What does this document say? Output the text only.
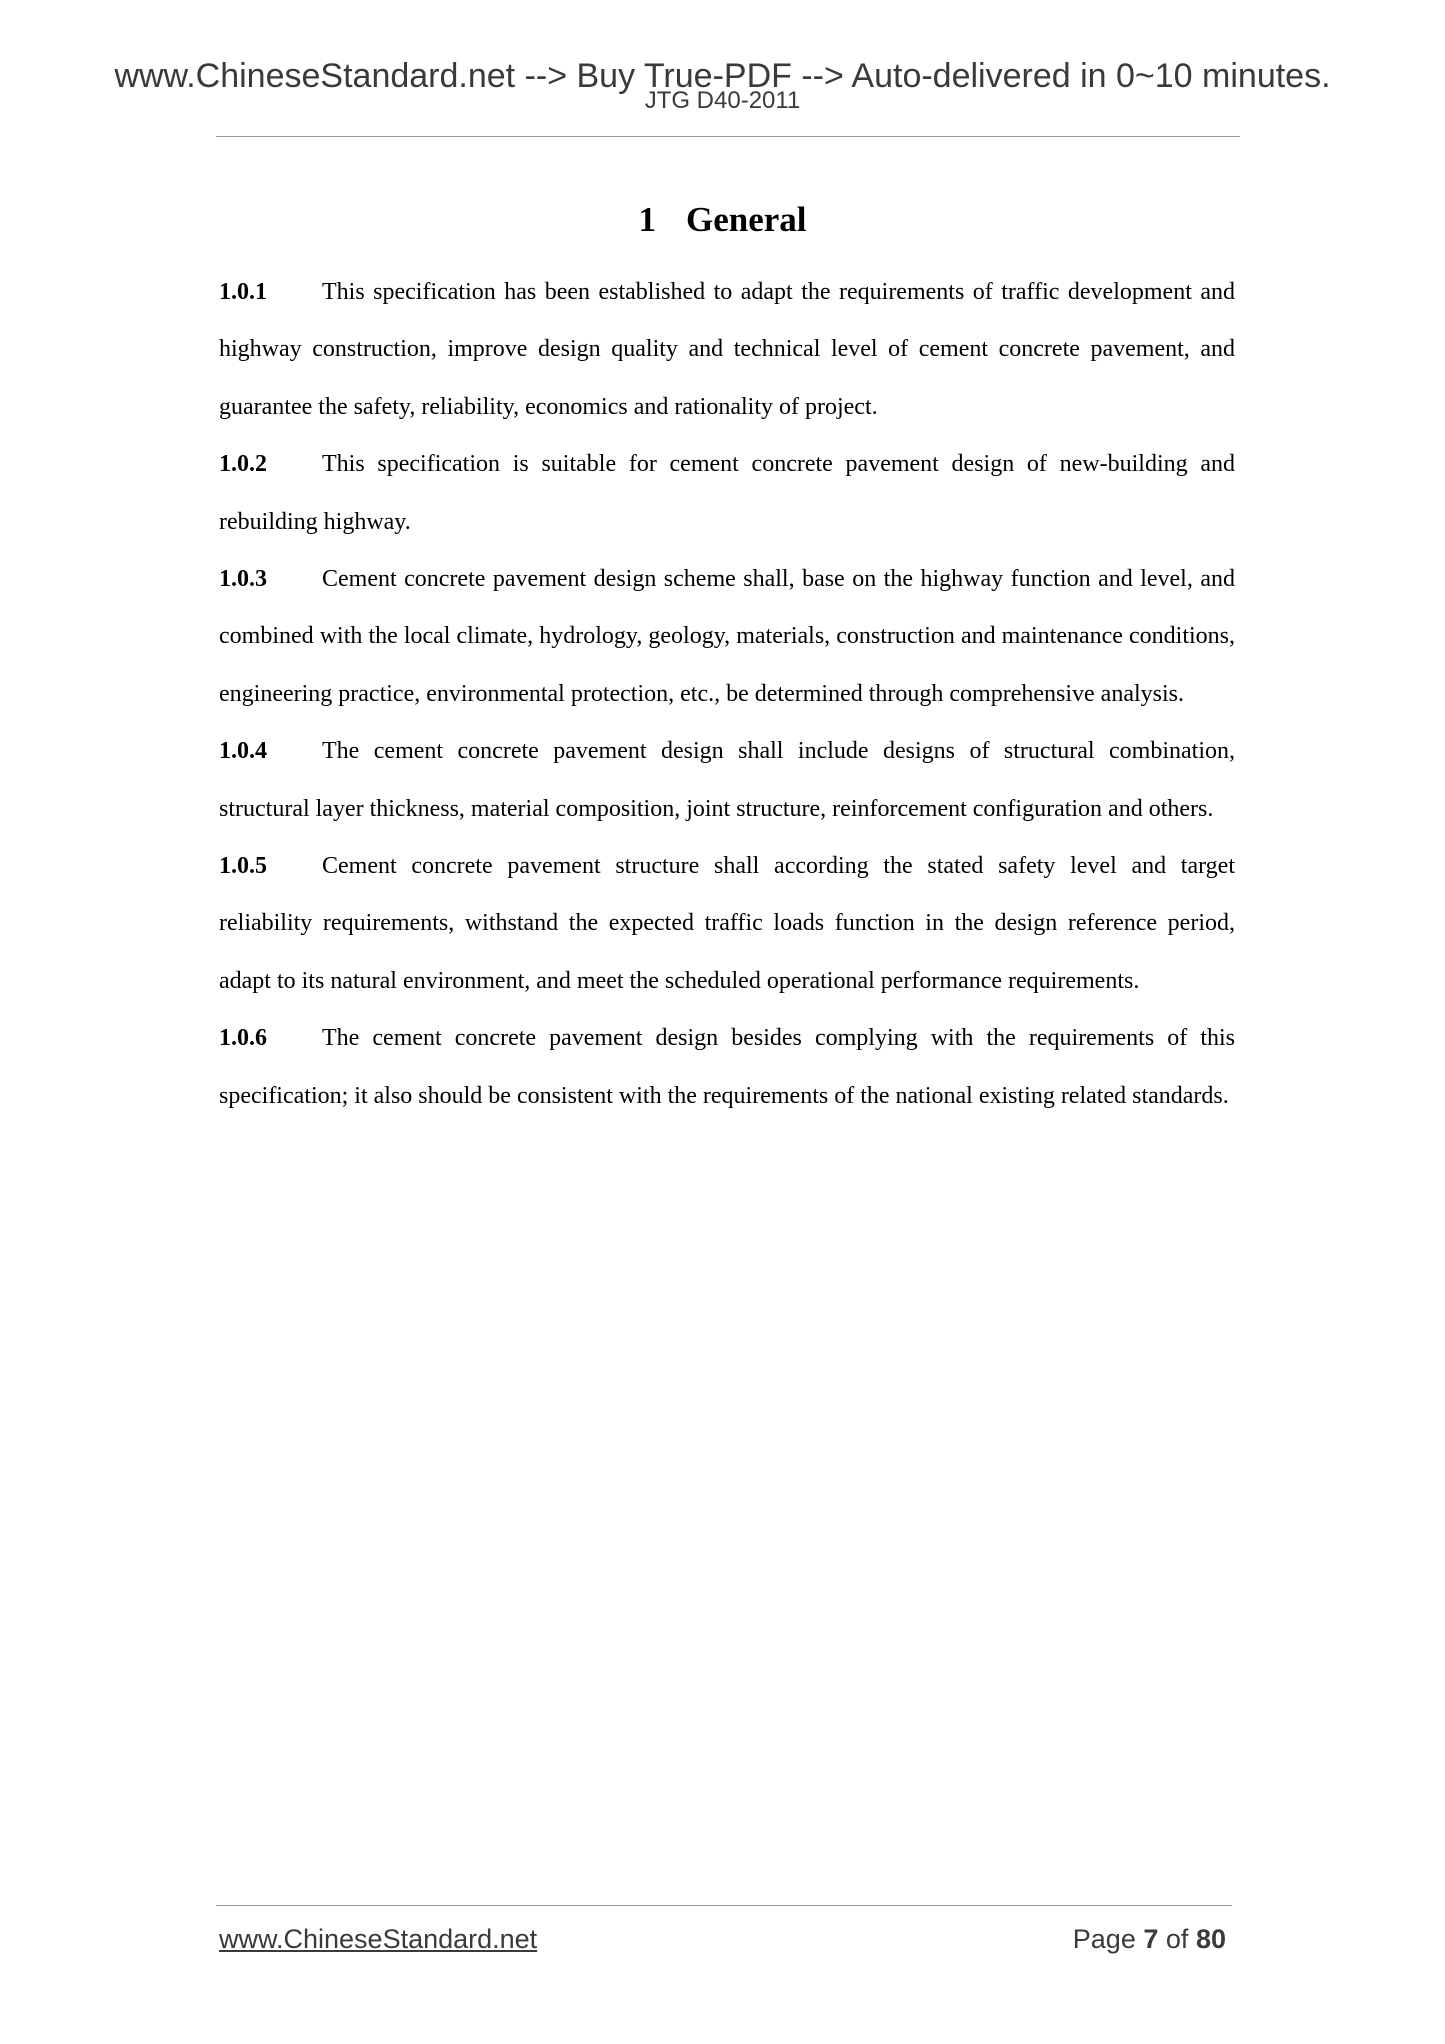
www.ChineseStandard.net --> Buy True-PDF --> Auto-delivered in 0~10 minutes.
JTG D40-2011
1 General

1.0.1 This specification has been established to adapt the requirements of traffic development and highway construction, improve design quality and technical level of cement concrete pavement, and guarantee the safety, reliability, economics and rationality of project.

1.0.2 This specification is suitable for cement concrete pavement design of new-building and rebuilding highway.

1.0.3 Cement concrete pavement design scheme shall, base on the highway function and level, and combined with the local climate, hydrology, geology, materials, construction and maintenance conditions, engineering practice, environmental protection, etc., be determined through comprehensive analysis.

1.0.4 The cement concrete pavement design shall include designs of structural combination, structural layer thickness, material composition, joint structure, reinforcement configuration and others.

1.0.5 Cement concrete pavement structure shall according the stated safety level and target reliability requirements, withstand the expected traffic loads function in the design reference period, adapt to its natural environment, and meet the scheduled operational performance requirements.

1.0.6 The cement concrete pavement design besides complying with the requirements of this specification; it also should be consistent with the requirements of the national existing related standards.

www.ChineseStandard.net	Page 7 of 80
